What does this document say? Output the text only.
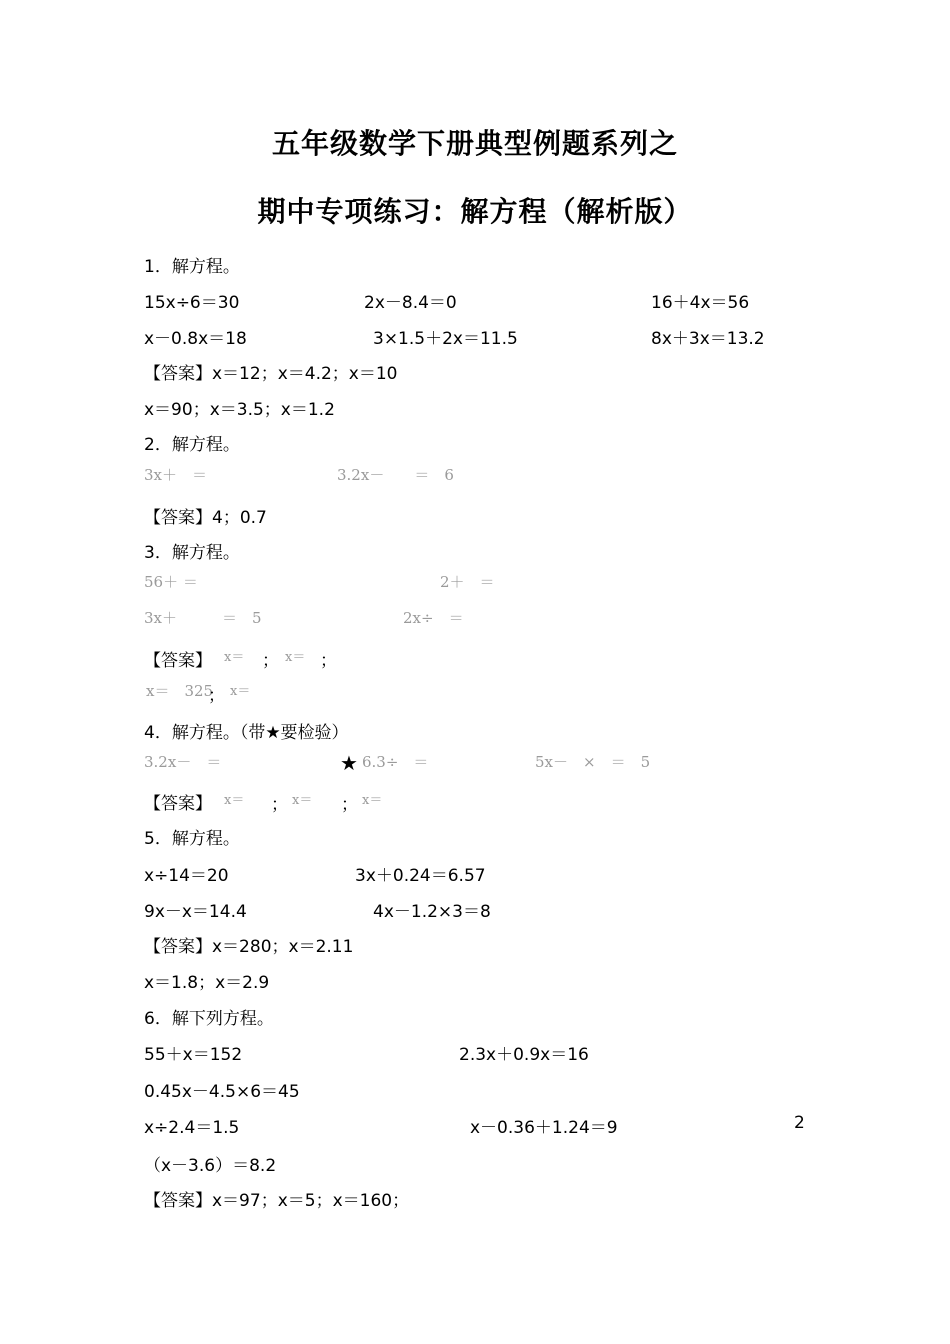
五年级数学下册典型例题系列之
期中专项练习：解方程（解析版）
1．解方程。
15x÷6＝30	2x－8.4＝0	16＋4x＝56
x－0.8x＝18	3×1.5＋2x＝11.5	8x＋3x＝13.2
【答案】x＝12；x＝4.2；x＝10
x＝90；x＝3.5；x＝1.2
2．解方程。
3x＋　＝	3.2x－　　＝　6
【答案】4；0.7
3．解方程。
56＋ ＝	2＋　＝
3x＋　　　＝　5	2x÷　＝
【答案】 x＝ ； x＝ ；
x＝　325
； x＝
4．解方程。（带★要检验）
3.2x－　＝	★ 6.3÷　＝	5x－　×　＝　5
【答案】 x＝ ； x＝ ； x＝
5．解方程。
x÷14＝20	3x＋0.24＝6.57
9x－x＝14.4	4x－1.2×3＝8
【答案】x＝280；x＝2.11
x＝1.8；x＝2.9
6．解下列方程。
55＋x＝152	2.3x＋0.9x＝16
0.45x－4.5×6＝45
x÷2.4＝1.5	x－0.36＋1.24＝9	2
（x－3.6）＝8.2
【答案】x＝97；x＝5；x＝160；
